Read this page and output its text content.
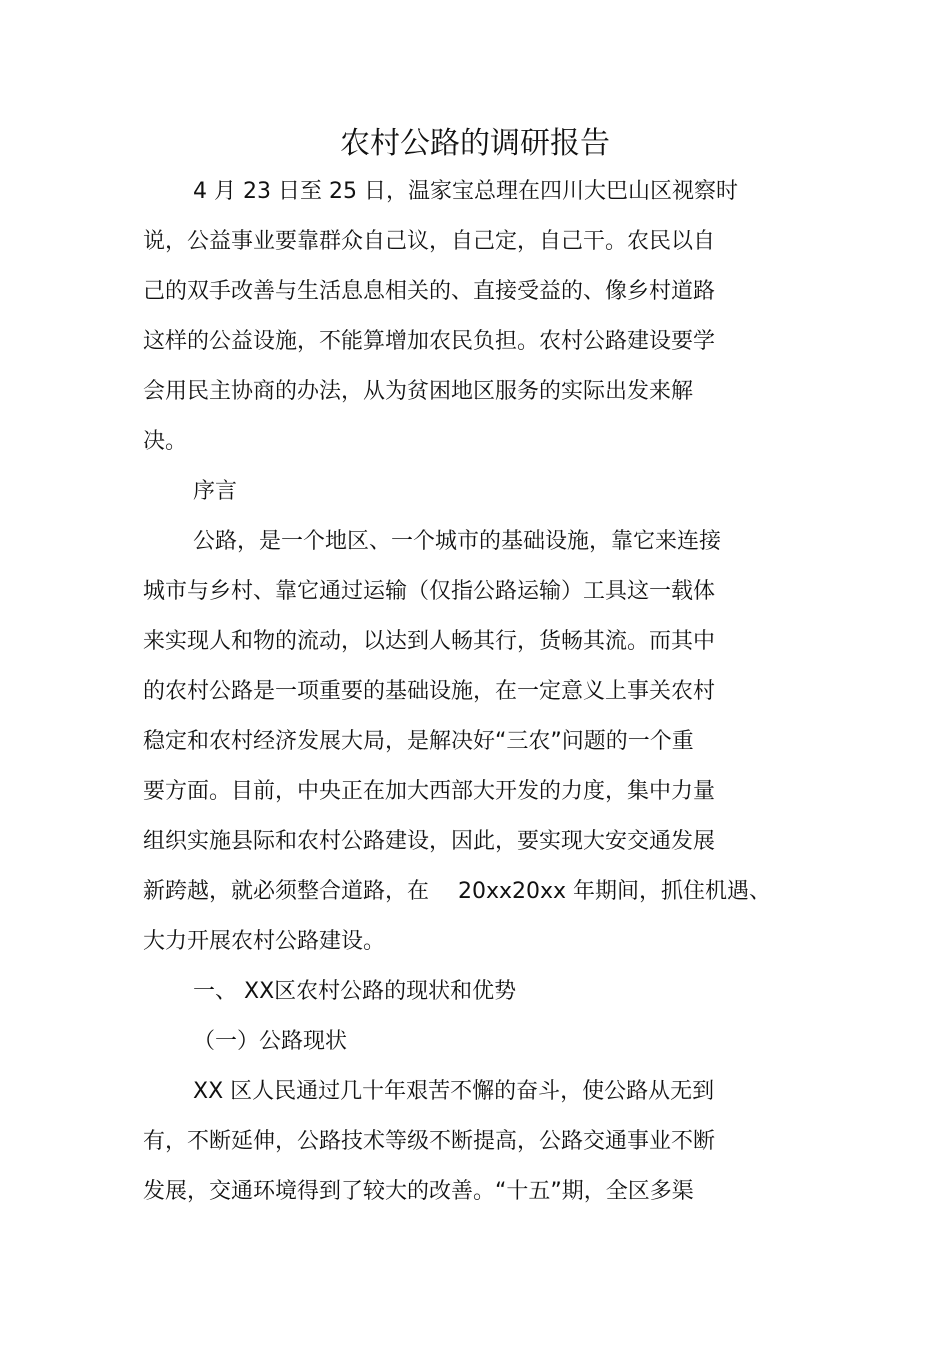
农村公路的调研报告
4 月 23 日至 25 日，温家宝总理在四川大巴山区视察时
说，公益事业要靠群众自己议，自己定，自己干。农民以自
己的双手改善与生活息息相关的、直接受益的、像乡村道路
这样的公益设施，不能算增加农民负担。农村公路建设要学
会用民主协商的办法，从为贫困地区服务的实际出发来解
决。
序言
公路，是一个地区、一个城市的基础设施，靠它来连接
城市与乡村、靠它通过运输（仅指公路运输）工具这一载体
来实现人和物的流动，以达到人畅其行，货畅其流。而其中
的农村公路是一项重要的基础设施，在一定意义上事关农村
稳定和农村经济发展大局，是解决好“三农”问题的一个重
要方面。目前，中央正在加大西部大开发的力度，集中力量
组织实施县际和农村公路建设，因此，要实现大安交通发展
新跨越，就必须整合道路，在　 20xx20xx 年期间，抓住机遇、
大力开展农村公路建设。
一、 XX区农村公路的现状和优势
（一）公路现状
XX 区人民通过几十年艰苦不懈的奋斗，使公路从无到
有，不断延伸，公路技术等级不断提高，公路交通事业不断
发展，交通环境得到了较大的改善。“十五”期，全区多渠
